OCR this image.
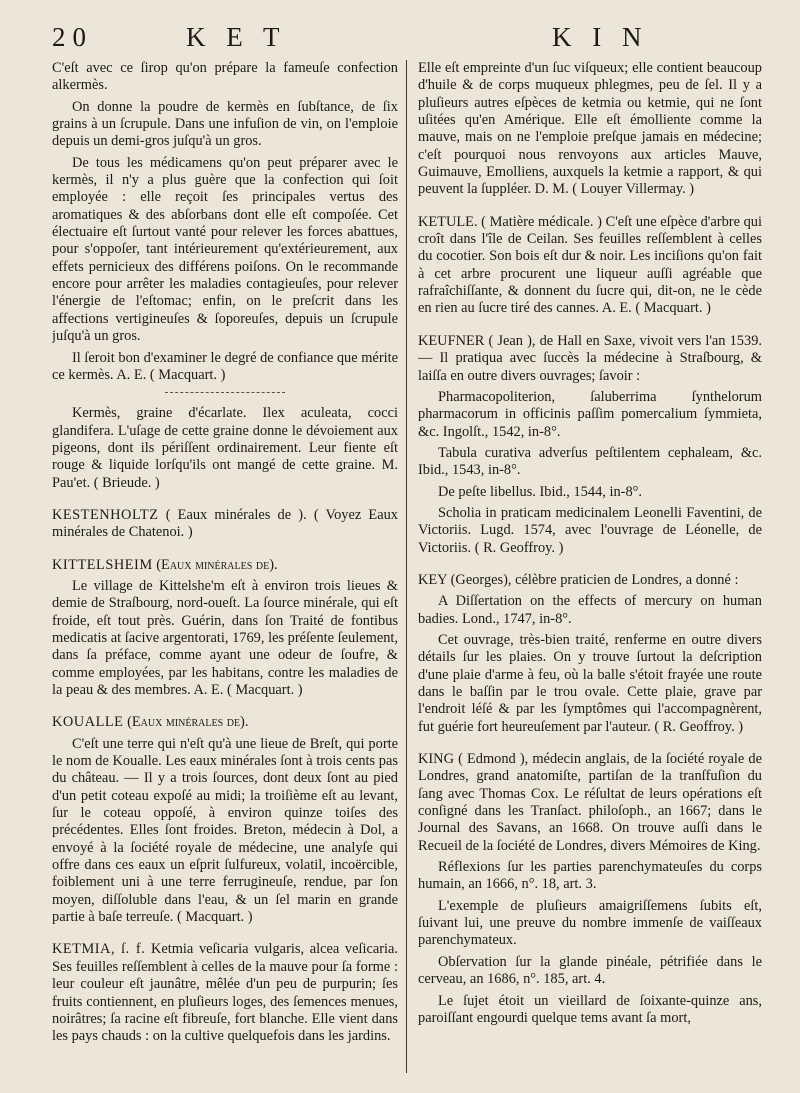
20	K E T	K I N

C'eſt avec ce ſirop qu'on prépare la fameuſe confection alkermès.

On donne la poudre de kermès en ſubſtance, de ſix grains à un ſcrupule. Dans une infuſion de vin, on l'emploie depuis un demi-gros juſqu'à un gros.

De tous les médicamens qu'on peut préparer avec le kermès, il n'y a plus guère que la confection qui ſoit employée : elle reçoit ſes principales vertus des aromatiques & des abſorbans dont elle eſt compoſée. Cet électuaire eſt ſurtout vanté pour relever les forces abattues, pour s'oppoſer, tant intérieurement qu'extérieurement, aux effets pernicieux des différens poiſons. On le recommande encore pour arrêter les maladies contagieuſes, pour relever l'énergie de l'eſtomac; enfin, on le preſcrit dans les affections vertigineuſes & ſoporeuſes, depuis un ſcrupule juſqu'à un gros.

Il ſeroit bon d'examiner le degré de confiance que mérite ce kermès. A. E. ( Macquart. )

Kermès, graine d'écarlate. Ilex aculeata, cocci glandifera. L'uſage de cette graine donne le dévoiement aux pigeons, dont ils périſſent ordinairement. Leur fiente eſt rouge & liquide lorſqu'ils ont mangé de cette graine. M. Pau'et. ( Brieude. )

KESTENHOLTZ ( Eaux minérales de ). ( Voyez Eaux minérales de Chatenoi. )

KITTELSHEIM (Eaux minérales de).

Le village de Kittelshe'm eſt à environ trois lieues & demie de Straſbourg, nord-oueſt. La ſource minérale, qui eſt froide, eſt tout près. Guérin, dans ſon Traité de fontibus medicatis at ſacive argentorati, 1769, les préſente ſeulement, dans ſa préface, comme ayant une odeur de ſoufre, & comme employées, par les habitans, contre les maladies de la peau & des membres. A. E. ( Macquart. )

KOUALLE (Eaux minérales de).

C'eſt une terre qui n'eſt qu'à une lieue de Breſt, qui porte le nom de Koualle. Les eaux minérales ſont à trois cents pas du château. — Il y a trois ſources, dont deux ſont au pied d'un petit coteau expoſé au midi; la troiſième eſt au levant, ſur le coteau oppoſé, à environ quinze toiſes des précédentes. Elles ſont froides. Breton, médecin à Dol, a envoyé à la ſociété royale de médecine, une analyſe qui offre dans ces eaux un eſprit ſulfureux, volatil, incoërcible, foiblement uni à une terre ferrugineuſe, rendue, par ſon moyen, diſſoluble dans l'eau, & un ſel marin en grande partie à baſe terreuſe. ( Macquart. )

KETMIA, ſ. f. Ketmia veſicaria vulgaris, alcea veſicaria. Ses feuilles reſſemblent à celles de la mauve pour ſa forme : leur couleur eſt jaunâtre, mêlée d'un peu de purpurin; ſes fruits contiennent, en pluſieurs loges, des ſemences menues, noirâtres; ſa racine eſt fibreuſe, fort blanche. Elle vient dans les pays chauds : on la cultive quelquefois dans les jardins.

Elle eſt empreinte d'un ſuc viſqueux; elle contient beaucoup d'huile & de corps muqueux phlegmes, peu de ſel. Il y a pluſieurs autres eſpèces de ketmia ou ketmie, qui ne ſont uſitées qu'en Amérique. Elle eſt émolliente comme la mauve, mais on ne l'emploie preſque jamais en médecine; c'eſt pourquoi nous renvoyons aux articles Mauve, Guimauve, Emolliens, auxquels la ketmie a rapport, & qui peuvent la ſuppléer. D. M. ( Louyer Villermay. )

KETULE. ( Matière médicale. ) C'eſt une eſpèce d'arbre qui croît dans l'île de Ceilan. Ses feuilles reſſemblent à celles du cocotier. Son bois eſt dur & noir. Les inciſions qu'on fait à cet arbre procurent une liqueur auſſi agréable que rafraîchiſſante, & donnent du ſucre qui, dit-on, ne le cède en rien au ſucre tiré des cannes. A. E. ( Macquart. )

KEUFNER ( Jean ), de Hall en Saxe, vivoit vers l'an 1539. — Il pratiqua avec ſuccès la médecine à Straſbourg, & laiſſa en outre divers ouvrages; ſavoir :

Pharmacopoliterion, ſaluberrima ſynthelorum pharmacorum in officinis paſſim pomercalium ſymmieta, &c. Ingolſt., 1542, in-8°.

Tabula curativa adverſus peſtilentem cephaleam, &c. Ibid., 1543, in-8°.

De peſte libellus. Ibid., 1544, in-8°.

Scholia in praticam medicinalem Leonelli Faventini, de Victoriis. Lugd. 1574, avec l'ouvrage de Léonelle, de Victoriis. ( R. Geoffroy. )

KEY (Georges), célèbre praticien de Londres, a donné :

A Diſſertation on the effects of mercury on human badies. Lond., 1747, in-8°.

Cet ouvrage, très-bien traité, renferme en outre divers détails ſur les plaies. On y trouve ſurtout la deſcription d'une plaie d'arme à feu, où la balle s'étoit frayée une route dans le baſſin par le trou ovale. Cette plaie, grave par l'endroit léſé & par les ſymptômes qui l'accompagnèrent, fut guérie fort heureuſement par l'auteur. ( R. Geoffroy. )

KING ( Edmond ), médecin anglais, de la ſociété royale de Londres, grand anatomiſte, partiſan de la tranſfuſion du ſang avec Thomas Cox. Le réſultat de leurs opérations eſt conſigné dans les Tranſact. philoſoph., an 1667; dans le Journal des Savans, an 1668. On trouve auſſi dans le Recueil de la ſociété de Londres, divers Mémoires de King.

Réflexions ſur les parties parenchymateuſes du corps humain, an 1666, n°. 18, art. 3.

L'exemple de pluſieurs amaigriſſemens ſubits eſt, ſuivant lui, une preuve du nombre immenſe de vaiſſeaux parenchymateux.

Obſervation ſur la glande pinéale, pétrifiée dans le cerveau, an 1686, n°. 185, art. 4.

Le ſujet étoit un vieillard de ſoixante-quinze ans, paroiſſant engourdi quelque tems avant ſa mort,
